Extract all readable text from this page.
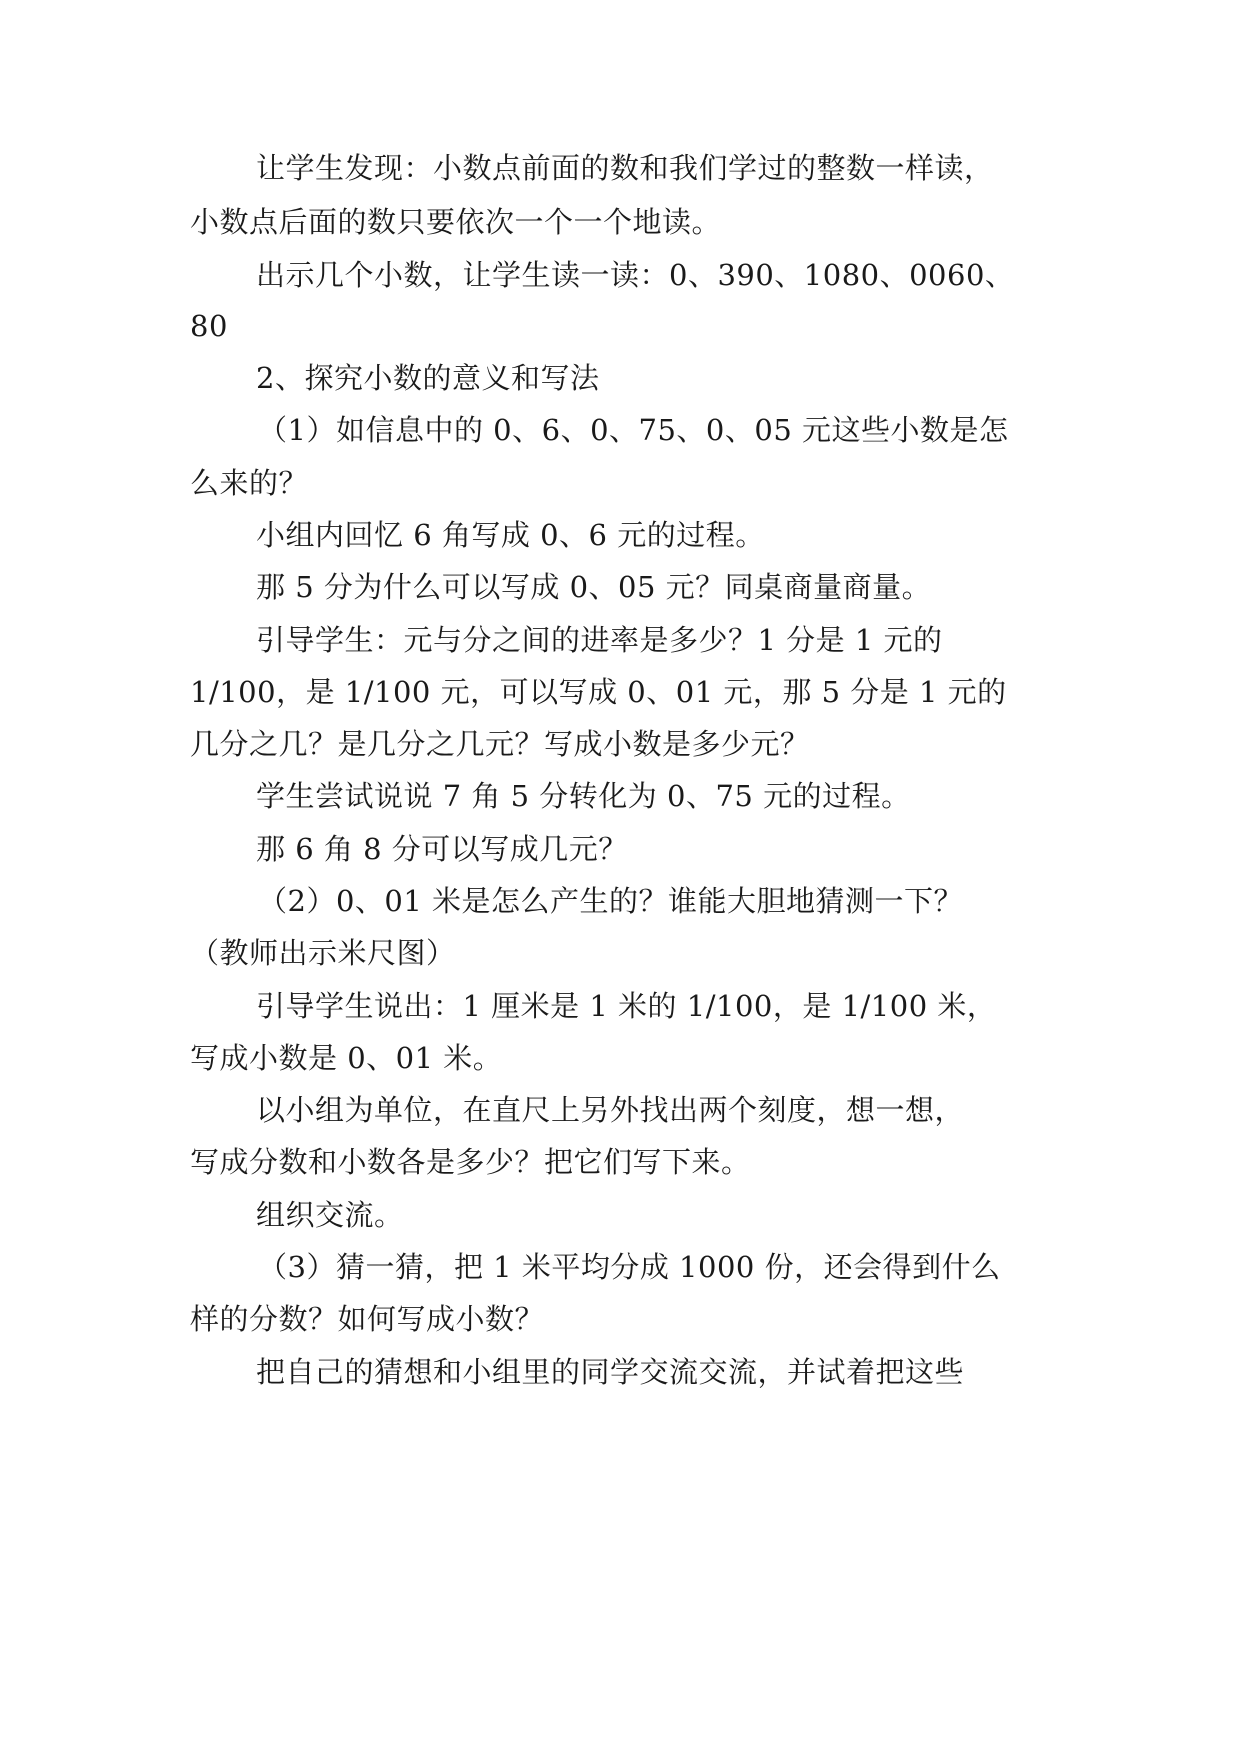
让学生发现：小数点前面的数和我们学过的整数一样读，
小数点后面的数只要依次一个一个地读。
出示几个小数，让学生读一读：0、390、1080、0060、
80
2、探究小数的意义和写法
（1）如信息中的 0、6、0、75、0、05 元这些小数是怎
么来的？
小组内回忆 6 角写成 0、6 元的过程。
那 5 分为什么可以写成 0、05 元？同桌商量商量。
引导学生：元与分之间的进率是多少？1 分是 1 元的
1/100，是 1/100 元，可以写成 0、01 元，那 5 分是 1 元的
几分之几？是几分之几元？写成小数是多少元？
学生尝试说说 7 角 5 分转化为 0、75 元的过程。
那 6 角 8 分可以写成几元？
（2）0、01 米是怎么产生的？谁能大胆地猜测一下？
（教师出示米尺图）
引导学生说出：1 厘米是 1 米的 1/100，是 1/100 米，
写成小数是 0、01 米。
以小组为单位，在直尺上另外找出两个刻度，想一想，
写成分数和小数各是多少？把它们写下来。
组织交流。
（3）猜一猜，把 1 米平均分成 1000 份，还会得到什么
样的分数？如何写成小数？
把自己的猜想和小组里的同学交流交流，并试着把这些
